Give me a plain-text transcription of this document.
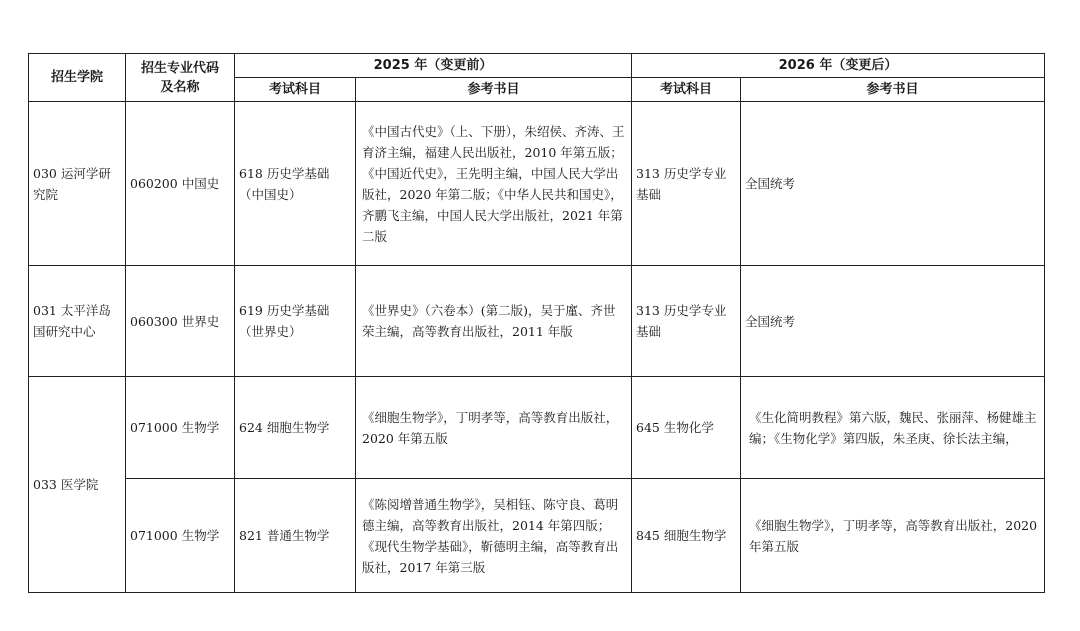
招生学院	招生专业代码及名称	2025 年（变更前）		2026 年（变更后）	
		考试科目	参考书目	考试科目	参考书目
030 运河学研究院	060200 中国史	618 历史学基础（中国史）	《中国古代史》（上、下册），朱绍侯、齐涛、王育济主编，福建人民出版社，2010 年第五版；《中国近代史》，王先明主编，中国人民大学出版社，2020 年第二版；《中华人民共和国史》，齐鹏飞主编，中国人民大学出版社，2021 年第二版	313 历史学专业基础	全国统考
031 太平洋岛国研究中心	060300 世界史	619 历史学基础（世界史）	《世界史》（六卷本）(第二版)，吴于廑、齐世荣主编，高等教育出版社，2011 年版	313 历史学专业基础	全国统考
033 医学院	071000 生物学	624 细胞生物学	《细胞生物学》，丁明孝等，高等教育出版社，2020 年第五版	645 生物化学	《生化简明教程》第六版，魏民、张丽萍、杨健雄主编；《生物化学》第四版，朱圣庚、徐长法主编，
	071000 生物学	821 普通生物学	《陈阅增普通生物学》，吴相钰、陈守良、葛明德主编，高等教育出版社，2014 年第四版；《现代生物学基础》，靳德明主编，高等教育出版社，2017 年第三版	845 细胞生物学	《细胞生物学》，丁明孝等，高等教育出版社，2020 年第五版
